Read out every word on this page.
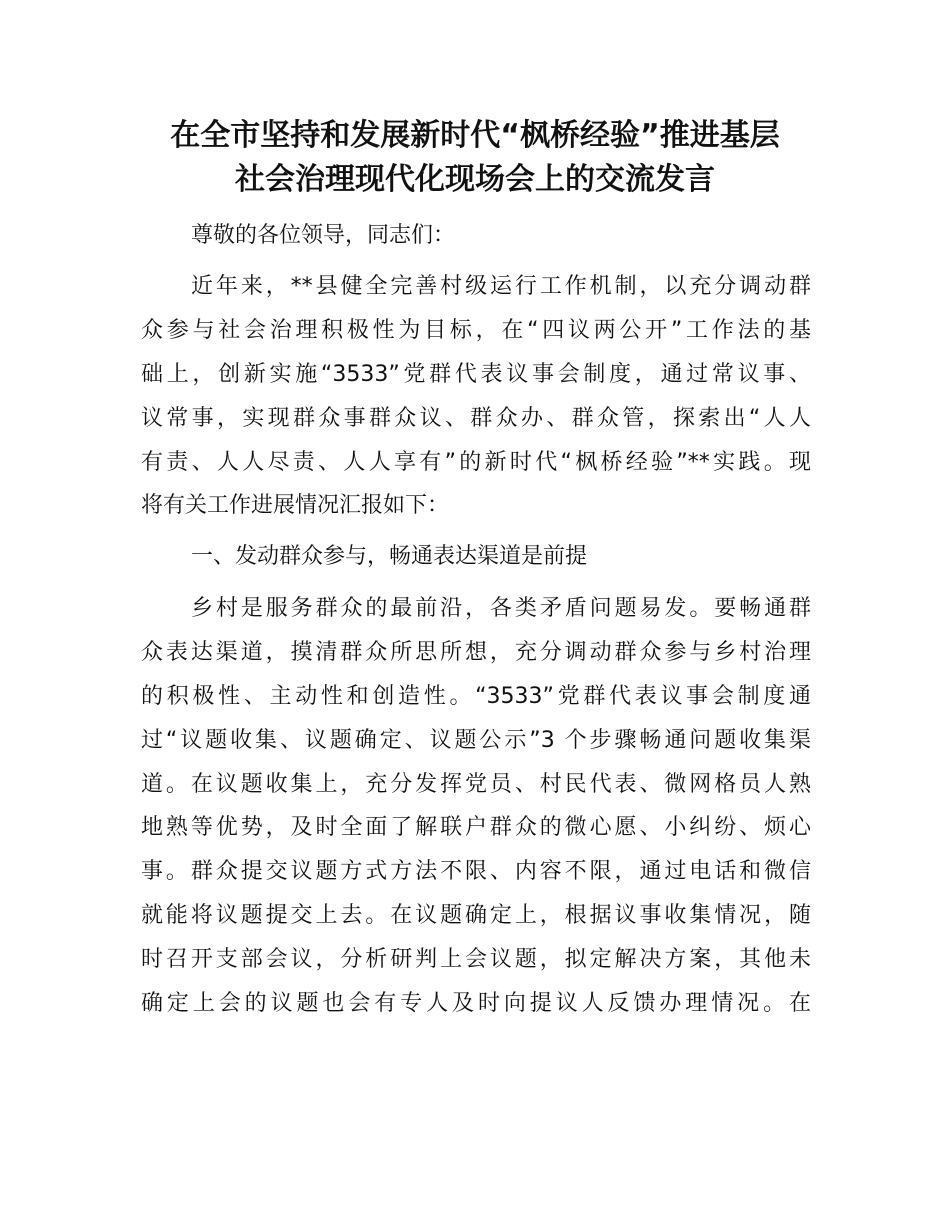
在全市坚持和发展新时代“枫桥经验”推进基层
社会治理现代化现场会上的交流发言
尊敬的各位领导，同志们：
近年来，**县健全完善村级运行工作机制，以充分调动群
众参与社会治理积极性为目标，在“四议两公开”工作法的基
础上，创新实施“3533”党群代表议事会制度，通过常议事、
议常事，实现群众事群众议、群众办、群众管，探索出“人人
有责、人人尽责、人人享有”的新时代“枫桥经验”**实践。现
将有关工作进展情况汇报如下：
一、发动群众参与，畅通表达渠道是前提
乡村是服务群众的最前沿，各类矛盾问题易发。要畅通群
众表达渠道，摸清群众所思所想，充分调动群众参与乡村治理
的积极性、主动性和创造性。“3533”党群代表议事会制度通
过“议题收集、议题确定、议题公示”3 个步骤畅通问题收集渠
道。在议题收集上，充分发挥党员、村民代表、微网格员人熟
地熟等优势，及时全面了解联户群众的微心愿、小纠纷、烦心
事。群众提交议题方式方法不限、内容不限，通过电话和微信
就能将议题提交上去。在议题确定上，根据议事收集情况，随
时召开支部会议，分析研判上会议题，拟定解决方案，其他未
确定上会的议题也会有专人及时向提议人反馈办理情况。在
